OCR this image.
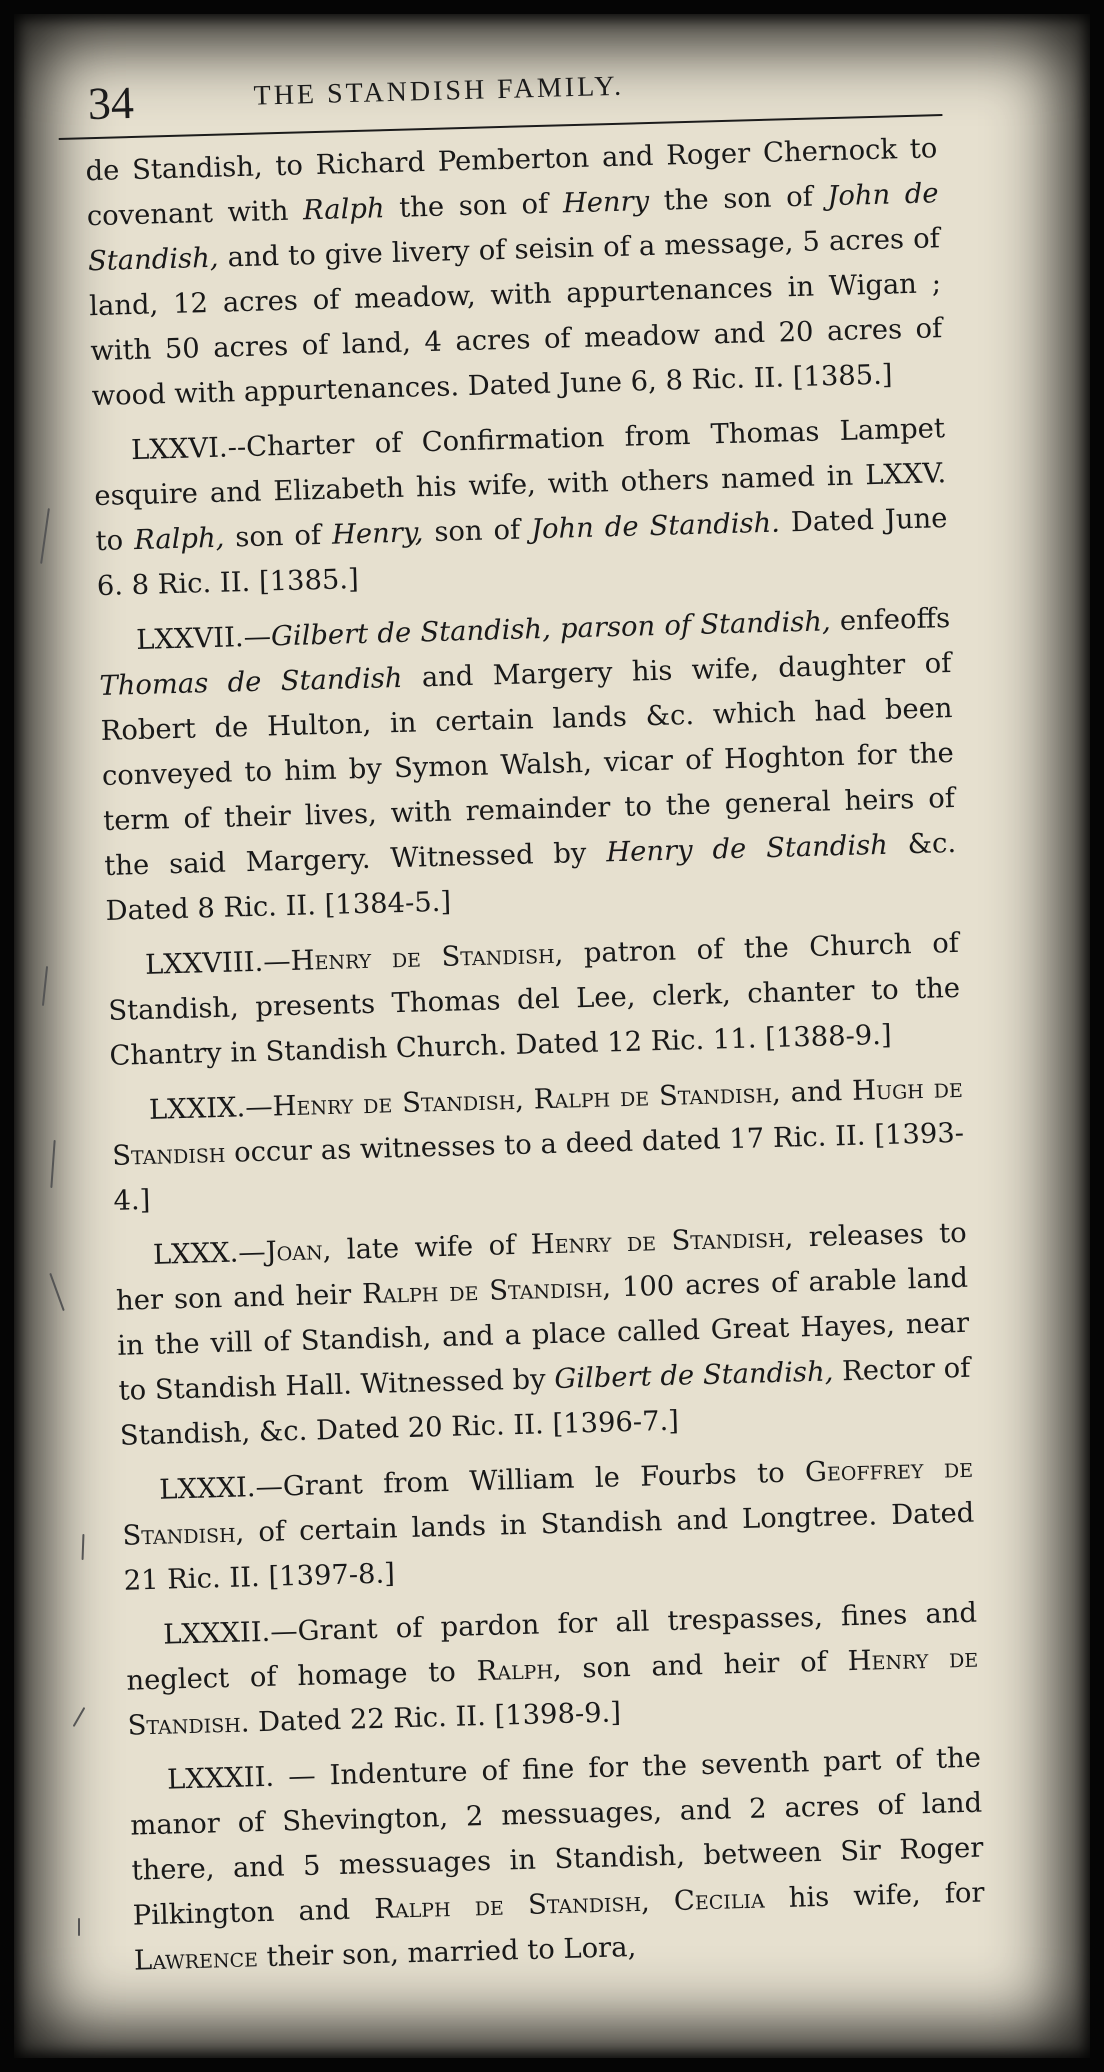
34	THE STANDISH FAMILY.

de Standish, to Richard Pemberton and Roger Chernock to covenant with Ralph the son of Henry the son of John de Standish, and to give livery of seisin of a message, 5 acres of land, 12 acres of meadow, with appurtenances in Wigan ; with 50 acres of land, 4 acres of meadow and 20 acres of wood with appurtenances. Dated June 6, 8 Ric. II. [1385.]

LXXVI.--Charter of Confirmation from Thomas Lampet esquire and Elizabeth his wife, with others named in LXXV. to Ralph, son of Henry, son of John de Standish. Dated June 6. 8 Ric. II. [1385.]

LXXVII.—Gilbert de Standish, parson of Standish, enfeoffs Thomas de Standish and Margery his wife, daughter of Robert de Hulton, in certain lands &c. which had been conveyed to him by Symon Walsh, vicar of Hoghton for the term of their lives, with remainder to the general heirs of the said Margery. Witnessed by Henry de Standish &c. Dated 8 Ric. II. [1384-5.]

LXXVIII.—Henry de Standish, patron of the Church of Standish, presents Thomas del Lee, clerk, chanter to the Chantry in Standish Church. Dated 12 Ric. 11. [1388-9.]

LXXIX.—Henry de Standish, Ralph de Standish, and Hugh de Standish occur as witnesses to a deed dated 17 Ric. II. [1393-4.]

LXXX.—Joan, late wife of Henry de Standish, releases to her son and heir Ralph de Standish, 100 acres of arable land in the vill of Standish, and a place called Great Hayes, near to Standish Hall. Witnessed by Gilbert de Standish, Rector of Standish, &c. Dated 20 Ric. II. [1396-7.]

LXXXI.—Grant from William le Fourbs to Geoffrey de Standish, of certain lands in Standish and Longtree. Dated 21 Ric. II. [1397-8.]

LXXXII.—Grant of pardon for all trespasses, fines and neglect of homage to Ralph, son and heir of Henry de Standish. Dated 22 Ric. II. [1398-9.]

LXXXII. — Indenture of fine for the seventh part of the manor of Shevington, 2 messuages, and 2 acres of land there, and 5 messuages in Standish, between Sir Roger Pilkington and Ralph de Standish, Cecilia his wife, for Lawrence their son, married to Lora,
